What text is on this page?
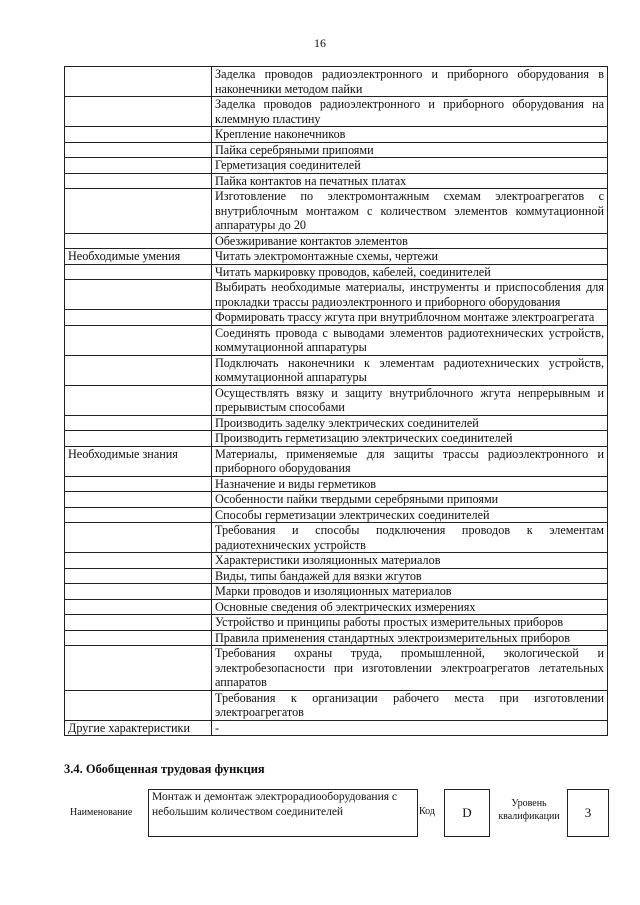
16
	Заделка проводов радиоэлектронного и приборного оборудования в наконечники методом пайки
	Заделка проводов радиоэлектронного и приборного оборудования на клеммную пластину
	Крепление наконечников
	Пайка серебряными припоями
	Герметизация соединителей
	Пайка контактов на печатных платах
	Изготовление по электромонтажным схемам электроагрегатов с внутриблочным монтажом с количеством элементов коммутационной аппаратуры до 20
	Обезжиривание контактов элементов
Необходимые умения	Читать электромонтажные схемы, чертежи
	Читать маркировку проводов, кабелей, соединителей
	Выбирать необходимые материалы, инструменты и приспособления для прокладки трассы радиоэлектронного и приборного оборудования
	Формировать трассу жгута при внутриблочном монтаже электроагрегата
	Соединять провода с выводами элементов радиотехнических устройств, коммутационной аппаратуры
	Подключать наконечники к элементам радиотехнических устройств, коммутационной аппаратуры
	Осуществлять вязку и защиту внутриблочного жгута непрерывным и прерывистым способами
	Производить заделку электрических соединителей
	Производить герметизацию электрических соединителей
Необходимые знания	Материалы, применяемые для защиты трассы радиоэлектронного и приборного оборудования
	Назначение и виды герметиков
	Особенности пайки твердыми серебряными припоями
	Способы герметизации электрических соединителей
	Требования и способы подключения проводов к элементам радиотехнических устройств
	Характеристики изоляционных материалов
	Виды, типы бандажей для вязки жгутов
	Марки проводов и изоляционных материалов
	Основные сведения об электрических измерениях
	Устройство и принципы работы простых измерительных приборов
	Правила применения стандартных электроизмерительных приборов
	Требования охраны труда, промышленной, экологической и электробезопасности при изготовлении электроагрегатов летательных аппаратов
	Требования к организации рабочего места при изготовлении электроагрегатов
Другие характеристики	-
3.4. Обобщенная трудовая функция
Наименование
Монтаж и демонтаж электрорадиооборудования с небольшим количеством соединителей	Код	D
Уровень квалификации	3
